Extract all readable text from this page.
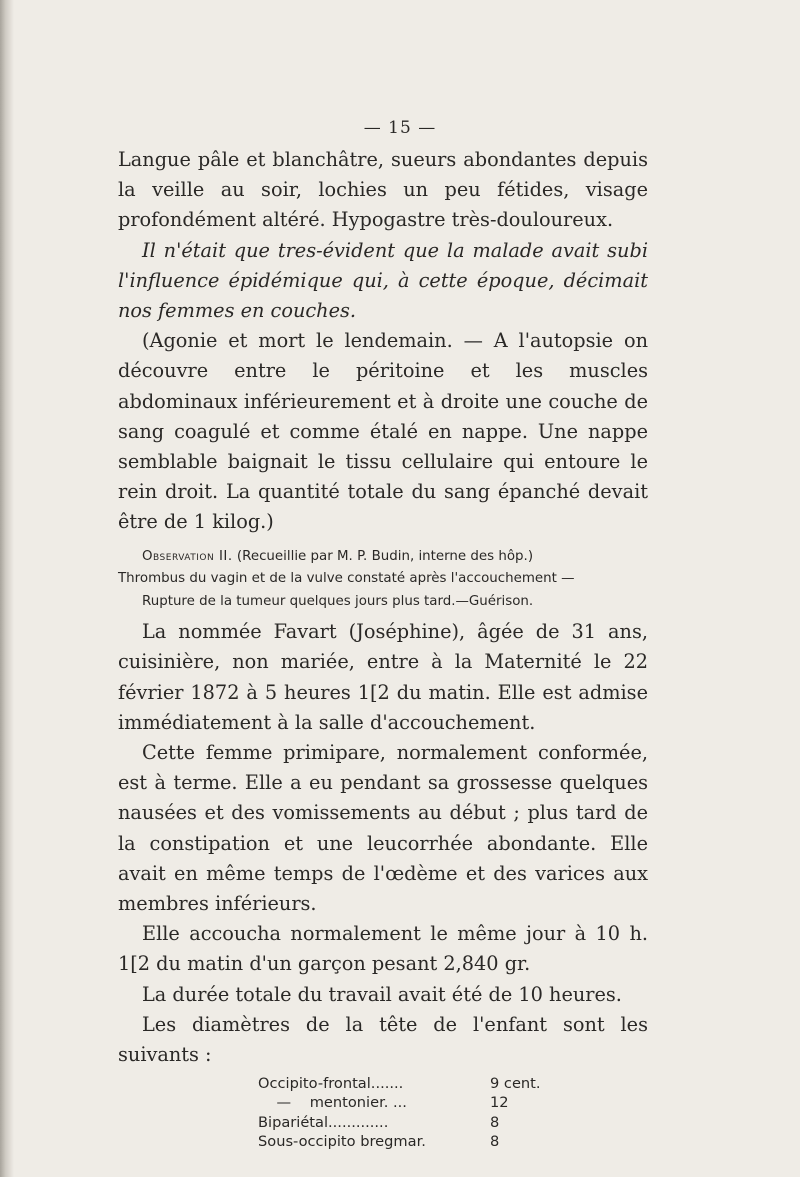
— 15 —

Langue pâle et blanchâtre, sueurs abondantes depuis la veille au soir, lochies un peu fétides, visage profondément altéré. Hypogastre très-douloureux.

Il n'était que tres-évident que la malade avait subi l'influence épidémique qui, à cette époque, décimait nos femmes en couches.

(Agonie et mort le lendemain. — A l'autopsie on découvre entre le péritoine et les muscles abdominaux inférieurement et à droite une couche de sang coagulé et comme étalé en nappe. Une nappe semblable baignait le tissu cellulaire qui entoure le rein droit. La quantité totale du sang épanché devait être de 1 kilog.)

Observation II. (Recueillie par M. P. Budin, interne des hôp.)
Thrombus du vagin et de la vulve constaté après l'accouchement —
Rupture de la tumeur quelques jours plus tard.—Guérison.

La nommée Favart (Joséphine), âgée de 31 ans, cuisinière, non mariée, entre à la Maternité le 22 février 1872 à 5 heures 1[2 du matin. Elle est admise immédiatement à la salle d'accouchement.

Cette femme primipare, normalement conformée, est à terme. Elle a eu pendant sa grossesse quelques nausées et des vomissements au début ; plus tard de la constipation et une leucorrhée abondante. Elle avait en même temps de l'œdème et des varices aux membres inférieurs.

Elle accoucha normalement le même jour à 10 h. 1[2 du matin d'un garçon pesant 2,840 gr.

La durée totale du travail avait été de 10 heures.

Les diamètres de la tête de l'enfant sont les suivants :

Occipito-frontal.......	9 cent.
—    mentonier. ...	12
Bipariétal.............	8
Sous-occipito bregmar.	8
